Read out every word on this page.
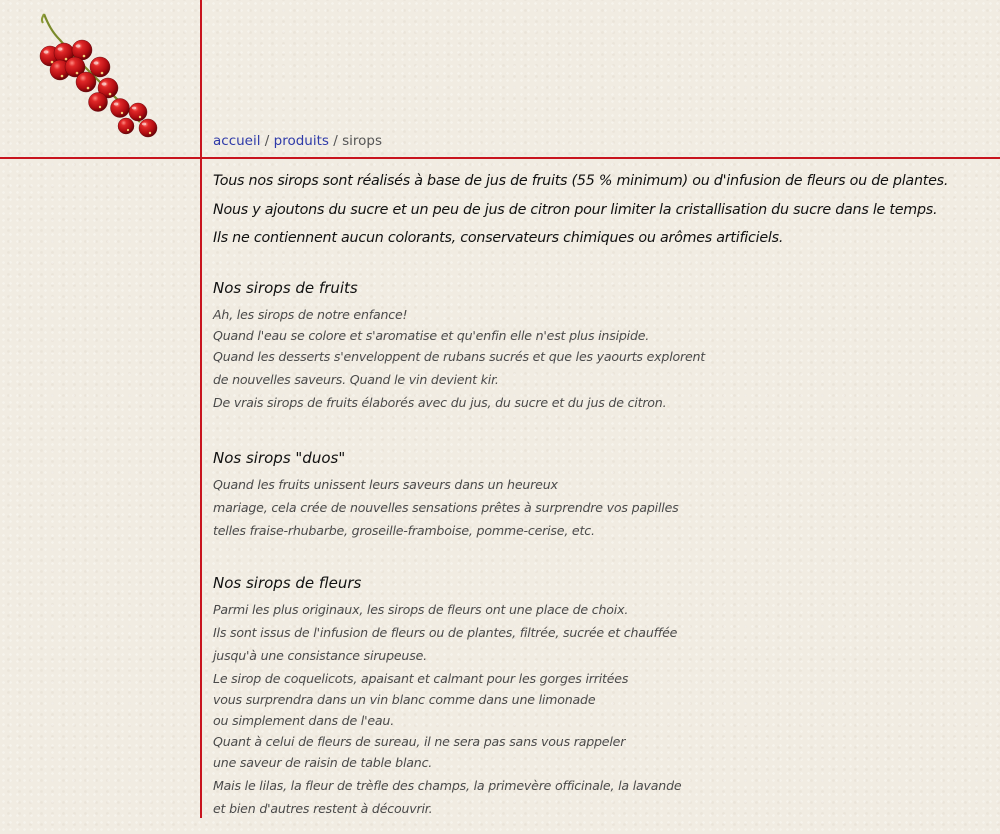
accueil / produits / sirops

Tous nos sirops sont réalisés à base de jus de fruits (55 % minimum) ou d'infusion de fleurs ou de plantes.

Nous y ajoutons du sucre et un peu de jus de citron pour limiter la cristallisation du sucre dans le temps.

Ils ne contiennent aucun colorants, conservateurs chimiques ou arômes artificiels.

Nos sirops de fruits
Ah, les sirops de notre enfance!
Quand l'eau se colore et s'aromatise et qu'enfin elle n'est plus insipide.
Quand les desserts s'enveloppent de rubans sucrés et que les yaourts explorent
de nouvelles saveurs. Quand le vin devient kir.
De vrais sirops de fruits élaborés avec du jus, du sucre et du jus de citron.
Nos sirops "duos"
Quand les fruits unissent leurs saveurs dans un heureux
mariage, cela crée de nouvelles sensations prêtes à surprendre vos papilles
telles fraise-rhubarbe, groseille-framboise, pomme-cerise, etc.
Nos sirops de fleurs
Parmi les plus originaux, les sirops de fleurs ont une place de choix.
Ils sont issus de l'infusion de fleurs ou de plantes, filtrée, sucrée et chauffée
jusqu'à une consistance sirupeuse.
Le sirop de coquelicots, apaisant et calmant pour les gorges irritées
vous surprendra dans un vin blanc comme dans une limonade
ou simplement dans de l'eau.
Quant à celui de fleurs de sureau, il ne sera pas sans vous rappeler
une saveur de raisin de table blanc.
Mais le lilas, la fleur de trèfle des champs, la primevère officinale, la lavande
et bien d'autres restent à découvrir.
